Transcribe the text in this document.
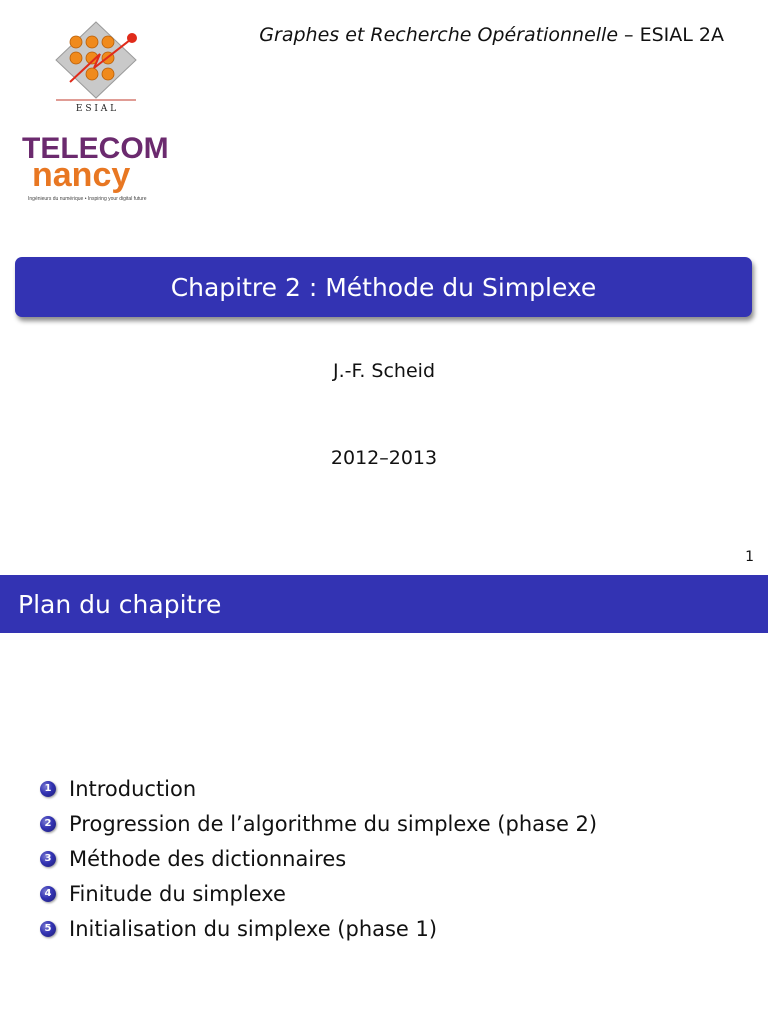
Graphes et Recherche Opérationnelle – ESIAL 2A
E S I A L
TELECOM
nancy
Ingénieurs du numérique • Inspiring your digital future
Chapitre 2 : Méthode du Simplexe
J.-F. Scheid
2012–2013
1
Plan du chapitre
1 Introduction
2 Progression de l’algorithme du simplexe (phase 2)
3 Méthode des dictionnaires
4 Finitude du simplexe
5 Initialisation du simplexe (phase 1)
